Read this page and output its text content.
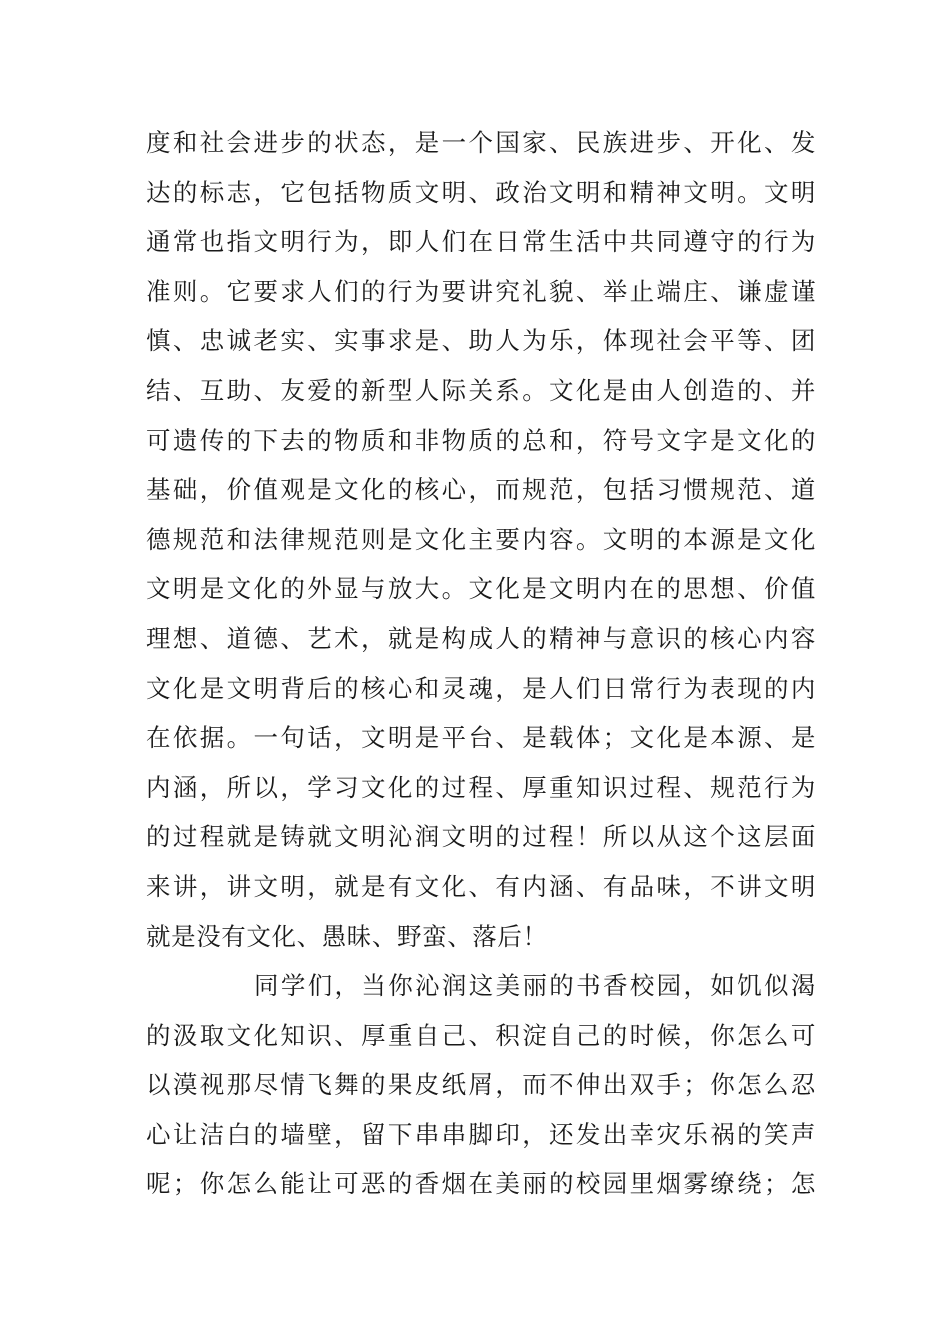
度和社会进步的状态，是一个国家、民族进步、开化、发
达的标志，它包括物质文明、政治文明和精神文明。文明
通常也指文明行为，即人们在日常生活中共同遵守的行为
准则。它要求人们的行为要讲究礼貌、举止端庄、谦虚谨
慎、忠诚老实、实事求是、助人为乐，体现社会平等、团
结、互助、友爱的新型人际关系。文化是由人创造的、并
可遗传的下去的物质和非物质的总和，符号文字是文化的
基础，价值观是文化的核心，而规范，包括习惯规范、道
德规范和法律规范则是文化主要内容。文明的本源是文化
文明是文化的外显与放大。文化是文明内在的思想、价值
理想、道德、艺术，就是构成人的精神与意识的核心内容
文化是文明背后的核心和灵魂，是人们日常行为表现的内
在依据。一句话，文明是平台、是载体；文化是本源、是
内涵，所以，学习文化的过程、厚重知识过程、规范行为
的过程就是铸就文明沁润文明的过程！所以从这个这层面
来讲，讲文明，就是有文化、有内涵、有品味，不讲文明
就是没有文化、愚昧、野蛮、落后！
同学们，当你沁润这美丽的书香校园，如饥似渴
的汲取文化知识、厚重自己、积淀自己的时候，你怎么可
以漠视那尽情飞舞的果皮纸屑，而不伸出双手；你怎么忍
心让洁白的墙壁，留下串串脚印，还发出幸灾乐祸的笑声
呢；你怎么能让可恶的香烟在美丽的校园里烟雾缭绕；怎
